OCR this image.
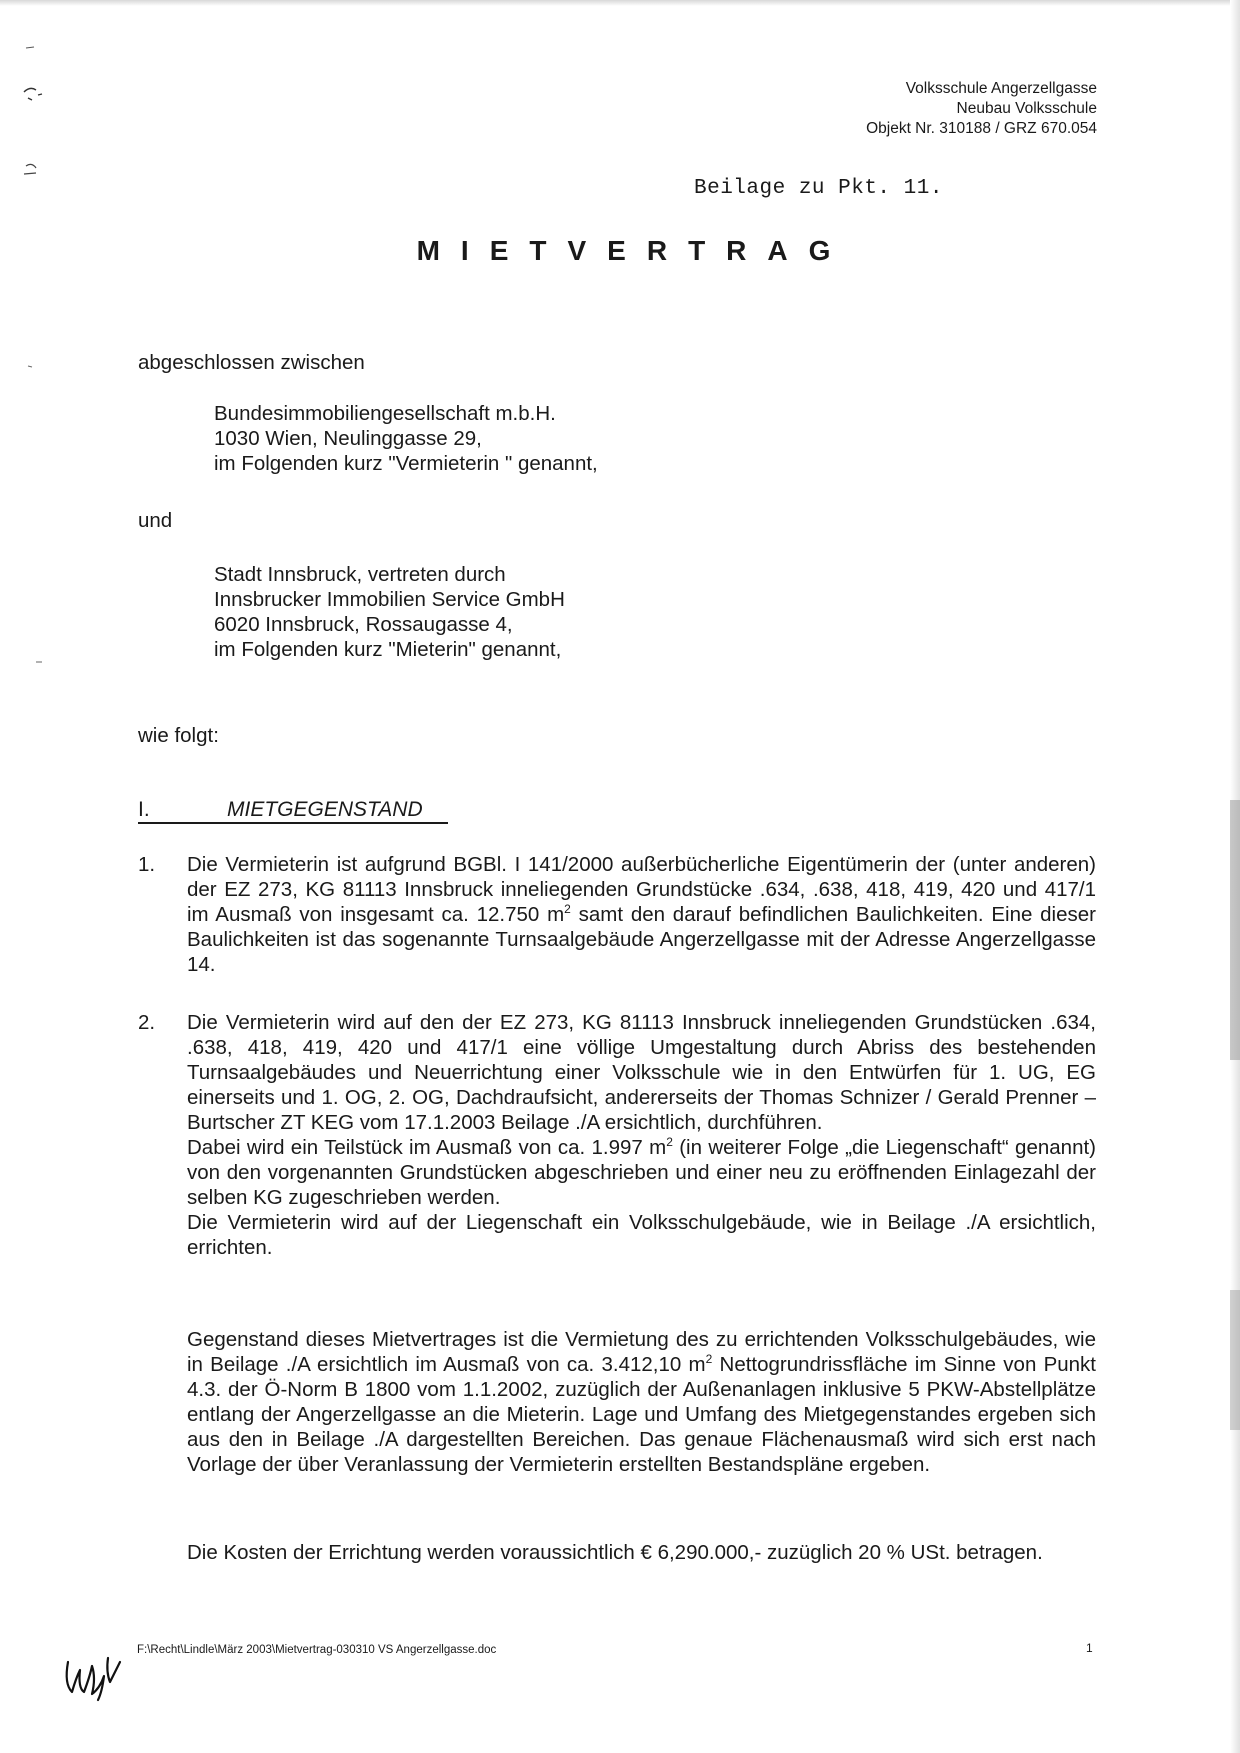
Volksschule Angerzellgasse
Neubau Volksschule
Objekt Nr. 310188 / GRZ 670.054
Beilage zu Pkt. 11.
MIETVERTRAG
abgeschlossen zwischen
Bundesimmobiliengesellschaft m.b.H.
1030 Wien, Neulinggasse 29,
im Folgenden kurz "Vermieterin " genannt,
und
Stadt Innsbruck, vertreten durch
Innsbrucker Immobilien Service GmbH
6020 Innsbruck, Rossaugasse 4,
im Folgenden kurz "Mieterin" genannt,
wie folgt:
I.	MIETGEGENSTAND
1. Die Vermieterin ist aufgrund BGBl. I 141/2000 außerbücherliche Eigentümerin der (unter anderen) der EZ 273, KG 81113 Innsbruck inneliegenden Grundstücke .634, .638, 418, 419, 420 und 417/1 im Ausmaß von insgesamt ca. 12.750 $m^2$ samt den darauf befindlichen Baulichkeiten. Eine dieser Baulichkeiten ist das sogenannte Turnsaalgebäude Angerzellgasse mit der Adresse Angerzellgasse 14.

2. Die Vermieterin wird auf den der EZ 273, KG 81113 Innsbruck inneliegenden Grundstücken .634, .638, 418, 419, 420 und 417/1 eine völlige Umgestaltung durch Abriss des bestehenden Turnsaalgebäudes und Neuerrichtung einer Volksschule wie in den Entwürfen für 1. UG, EG einerseits und 1. OG, 2. OG, Dachdraufsicht, andererseits der Thomas Schnizer / Gerald Prenner – Burtscher ZT KEG vom 17.1.2003 Beilage ./A ersichtlich, durchführen.

Dabei wird ein Teilstück im Ausmaß von ca. 1.997 $m^2$ (in weiterer Folge „die Liegenschaft“ genannt) von den vorgenannten Grundstücken abgeschrieben und einer neu zu eröffnenden Einlagezahl der selben KG zugeschrieben werden.

Die Vermieterin wird auf der Liegenschaft ein Volksschulgebäude, wie in Beilage ./A ersichtlich, errichten.

Gegenstand dieses Mietvertrages ist die Vermietung des zu errichtenden Volksschulgebäudes, wie in Beilage ./A ersichtlich im Ausmaß von ca. 3.412,10 $m^2$ Nettogrundrissfläche im Sinne von Punkt 4.3. der Ö-Norm B 1800 vom 1.1.2002, zuzüglich der Außenanlagen inklusive 5 PKW-Abstellplätze entlang der Angerzellgasse an die Mieterin. Lage und Umfang des Mietgegenstandes ergeben sich aus den in Beilage ./A dargestellten Bereichen. Das genaue Flächenausmaß wird sich erst nach Vorlage der über Veranlassung der Vermieterin erstellten Bestandspläne ergeben.

Die Kosten der Errichtung werden voraussichtlich € 6,290.000,- zuzüglich 20 % USt. betragen.

F:\Recht\Lindle\März 2003\Mietvertrag-030310 VS Angerzellgasse.doc	1
